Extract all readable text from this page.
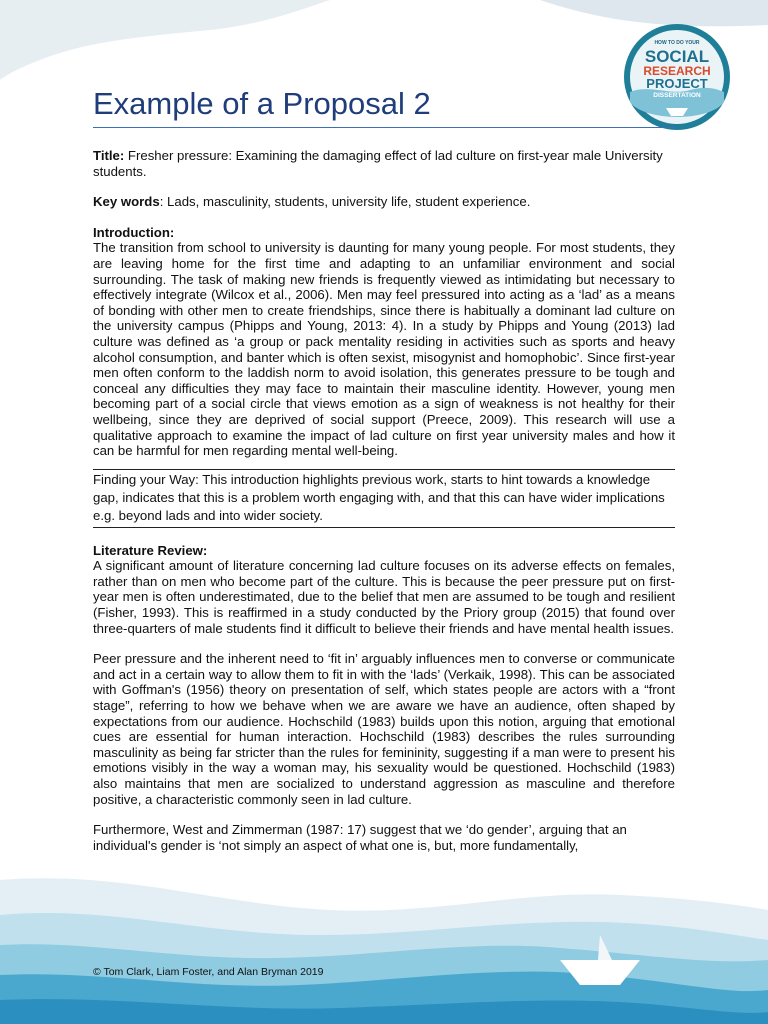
HOW TO DO YOUR
SOCIAL
RESEARCH
PROJECT
DISSERTATION
Example of a Proposal 2

Title: Fresher pressure: Examining the damaging effect of lad culture on first-year male University students.

Key words: Lads, masculinity, students, university life, student experience.

Introduction:

The transition from school to university is daunting for many young people. For most students, they are leaving home for the first time and adapting to an unfamiliar environment and social surrounding. The task of making new friends is frequently viewed as intimidating but necessary to effectively integrate (Wilcox et al., 2006). Men may feel pressured into acting as a ‘lad’ as a means of bonding with other men to create friendships, since there is habitually a dominant lad culture on the university campus (Phipps and Young, 2013: 4). In a study by Phipps and Young (2013) lad culture was defined as ‘a group or pack mentality residing in activities such as sports and heavy alcohol consumption, and banter which is often sexist, misogynist and homophobic’. Since first-year men often conform to the laddish norm to avoid isolation, this generates pressure to be tough and conceal any difficulties they may face to maintain their masculine identity. However, young men becoming part of a social circle that views emotion as a sign of weakness is not healthy for their wellbeing, since they are deprived of social support (Preece, 2009). This research will use a qualitative approach to examine the impact of lad culture on first year university males and how it can be harmful for men regarding mental well-being.

Finding your Way: This introduction highlights previous work, starts to hint towards a knowledge gap, indicates that this is a problem worth engaging with, and that this can have wider implications e.g. beyond lads and into wider society.

Literature Review:

A significant amount of literature concerning lad culture focuses on its adverse effects on females, rather than on men who become part of the culture. This is because the peer pressure put on first-year men is often underestimated, due to the belief that men are assumed to be tough and resilient (Fisher, 1993). This is reaffirmed in a study conducted by the Priory group (2015) that found over three-quarters of male students find it difficult to believe their friends and have mental health issues.

Peer pressure and the inherent need to ‘fit in’ arguably influences men to converse or communicate and act in a certain way to allow them to fit in with the ‘lads’ (Verkaik, 1998). This can be associated with Goffman's (1956) theory on presentation of self, which states people are actors with a “front stage”, referring to how we behave when we are aware we have an audience, often shaped by expectations from our audience. Hochschild (1983) builds upon this notion, arguing that emotional cues are essential for human interaction. Hochschild (1983) describes the rules surrounding masculinity as being far stricter than the rules for femininity, suggesting if a man were to present his emotions visibly in the way a woman may, his sexuality would be questioned. Hochschild (1983) also maintains that men are socialized to understand aggression as masculine and therefore positive, a characteristic commonly seen in lad culture.

Furthermore, West and Zimmerman (1987: 17) suggest that we ‘do gender’, arguing that an individual's gender is ‘not simply an aspect of what one is, but, more fundamentally,

© Tom Clark, Liam Foster, and Alan Bryman 2019
